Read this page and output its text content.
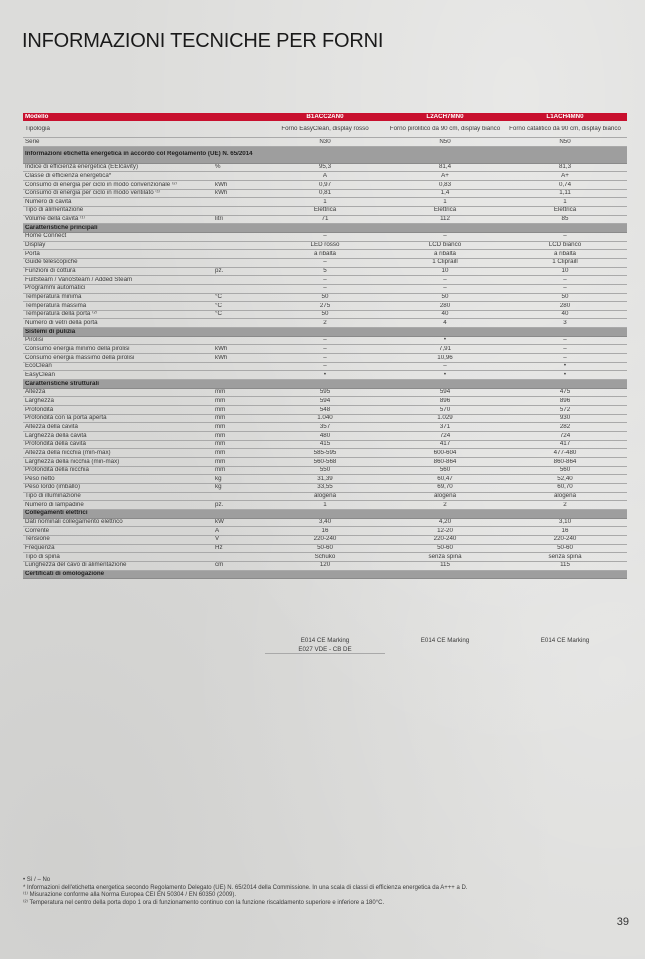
INFORMAZIONI TECNICHE PER FORNI
Modello	B1ACC2AN0	L2ACH7MN0	L1ACH4MN0
Tipologia	Forno EasyClean, display rosso	Forno pirolitico da 90 cm, display bianco	Forno catalitico da 90 cm, display bianco
Serie	N30	N50	N50
Informazioni etichetta energetica in accordo col Regolamento (UE) N. 65/2014
Indice di efficienza energetica (EEIcavity)	%	95,3	81,4	81,3
Classe di efficienza energetica*	A	A+	A+
Consumo di energia per ciclo in modo convenzionale ⁽²⁾	kWh	0,97	0,83	0,74
Consumo di energia per ciclo in modo ventilato ⁽¹⁾	kWh	0,81	1,4	1,11
Numero di cavità	1	1	1
Tipo di alimentazione	Elettrica	Elettrica	Elettrica
Volume della cavità ⁽¹⁾	litri	71	112	85
Caratteristiche principali
Home Connect	–	–	–
Display	LED rosso	LCD bianco	LCD bianco
Porta	a ribalta	a ribalta	a ribalta
Guide telescopiche	–	1 Clipraill	1 Clipraill
Funzioni di cottura	pz.	5	10	10
FullSteam / VarioSteam / Added Steam	–	–	–
Programmi automatici	–	–	–
Temperatura minima	°C	50	50	50
Temperatura massima	°C	275	280	280
Temperatura della porta ⁽²⁾	°C	50	40	40
Numero di vetri della porta	2	4	3
Sistemi di pulizia
Pirolisi	–	•	–
Consumo energia minimo della pirolisi	kWh	–	7,91	–
Consumo energia massimo della pirolisi	kWh	–	10,96	–
EcoClean	–	–	•
EasyClean	•	•	•
Caratteristiche strutturali
Altezza	mm	595	594	475
Larghezza	mm	594	896	896
Profondità	mm	548	570	572
Profondità con la porta aperta	mm	1.040	1.029	930
Altezza della cavità	mm	357	371	282
Larghezza della cavità	mm	480	724	724
Profondità della cavità	mm	415	417	417
Altezza della nicchia (min-max)	mm	585-595	600-604	477-480
Larghezza della nicchia (min-max)	mm	560-568	860-864	860-864
Profondità della nicchia	mm	550	560	560
Peso netto	kg	31,39	60,47	52,40
Peso lordo (imballo)	kg	33,55	69,70	60,70
Tipo di illuminazione	alogena	alogena	alogena
Numero di lampadine	pz.	1	2	2
Collegamenti elettrici
Dati nominali collegamento elettrico	kW	3,40	4,20	3,10
Corrente	A	16	12-20	16
Tensione	V	220-240	220-240	220-240
Frequenza	Hz	50-60	50-60	50-60
Tipo di spina	Schuko	senza spina	senza spina
Lunghezza del cavo di alimentazione	cm	120	115	115
Certificati di omologazione
E014 CE Marking	E014 CE Marking	E014 CE Marking
E027 VDE - CB DE

• Sì / – No

* Informazioni dell'etichetta energetica secondo Regolamento Delegato (UE) N. 65/2014 della Commissione. In una scala di classi di efficienza energetica da A+++ a D.

⁽¹⁾ Misurazione conforme alla Norma Europea CEI EN 50304 / EN 60350 (2009).

⁽²⁾ Temperatura nel centro della porta dopo 1 ora di funzionamento continuo con la funzione riscaldamento superiore e inferiore a 180°C.

39
